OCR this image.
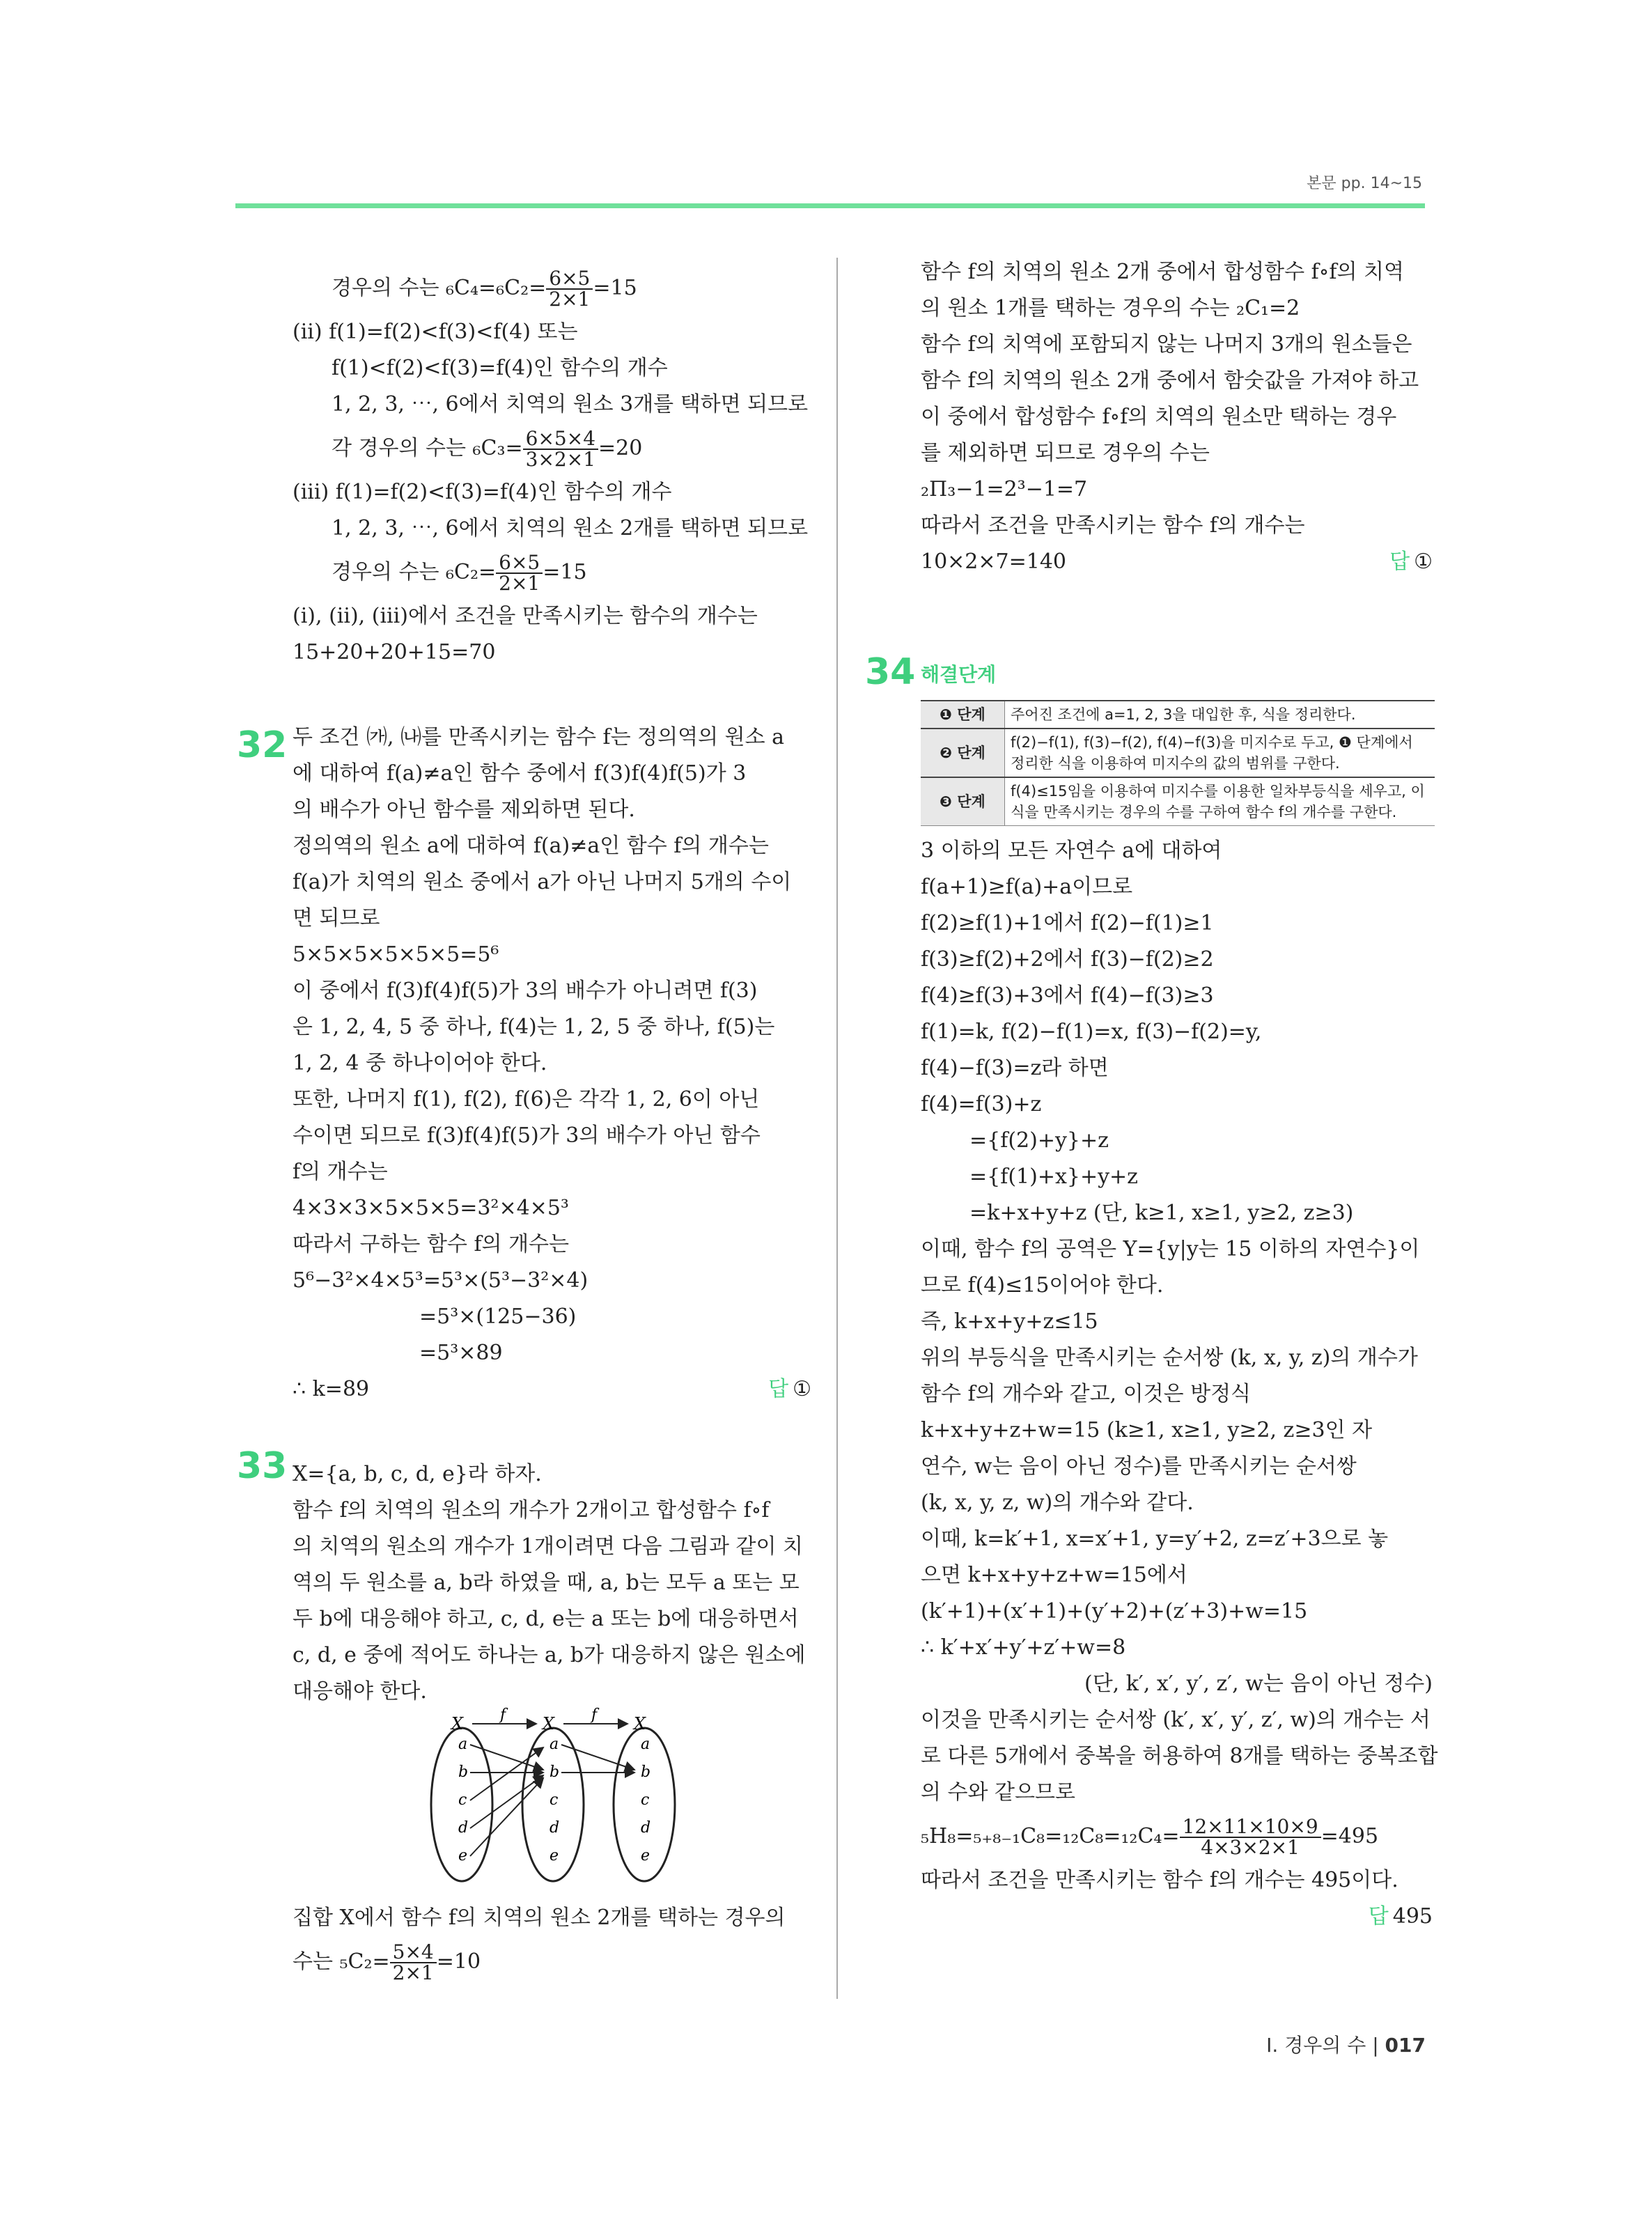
본문 pp. 14~15
경우의 수는 $_6C_4=_6C_2= \frac{6\times 5}{2\times 1} =15$
(ii) f(1)=f(2)<f(3)<f(4) 또는
f(1)<f(2)<f(3)=f(4)인 함수의 개수
1, 2, 3, ⋯, 6에서 치역의 원소 3개를 택하면 되므로
각 경우의 수는 $_6C_3= \frac{6\times 5\times 4}{3\times 2\times 1} =20$
(iii) f(1)=f(2)<f(3)=f(4)인 함수의 개수
1, 2, 3, ⋯, 6에서 치역의 원소 2개를 택하면 되므로
경우의 수는 $_6C_2= \frac{6\times 5}{2\times 1} =15$
(i), (ii), (iii)에서 조건을 만족시키는 함수의 개수는
15+20+20+15=70
두 조건 ㈎, ㈏를 만족시키는 함수 f는 정의역의 원소 a
에 대하여 f(a)≠a인 함수 중에서 f(3)f(4)f(5)가 3
의 배수가 아닌 함수를 제외하면 된다.
정의역의 원소 a에 대하여 f(a)≠a인 함수 f의 개수는
f(a)가 치역의 원소 중에서 a가 아닌 나머지 5개의 수이
면 되므로
5×5×5×5×5×5=5⁶
이 중에서 f(3)f(4)f(5)가 3의 배수가 아니려면 f(3)
은 1, 2, 4, 5 중 하나, f(4)는 1, 2, 5 중 하나, f(5)는
1, 2, 4 중 하나이어야 한다.
또한, 나머지 f(1), f(2), f(6)은 각각 1, 2, 6이 아닌
수이면 되므로 f(3)f(4)f(5)가 3의 배수가 아닌 함수
f의 개수는
4×3×3×5×5×5=3²×4×5³
따라서 구하는 함수 f의 개수는
5⁶−3²×4×5³=5³×(5³−3²×4)
=5³×(125−36)
=5³×89
∴ k=89	답 ①
X={a, b, c, d, e}라 하자.
함수 f의 치역의 원소의 개수가 2개이고 합성함수 f∘f
의 치역의 원소의 개수가 1개이려면 다음 그림과 같이 치
역의 두 원소를 a, b라 하였을 때, a, b는 모두 a 또는 모
두 b에 대응해야 하고, c, d, e는 a 또는 b에 대응하면서
c, d, e 중에 적어도 하나는 a, b가 대응하지 않은 원소에
대응해야 한다.
X	X	X
f	f
a
b
c
d
e
a
b
c
d
e
a
b
c
d
e
집합 X에서 함수 f의 치역의 원소 2개를 택하는 경우의
수는 $_5C_2= \frac{5\times 4}{2\times 1} =10$
32
33
함수 f의 치역의 원소 2개 중에서 합성함수 f∘f의 치역
의 원소 1개를 택하는 경우의 수는 ₂C₁=2
함수 f의 치역에 포함되지 않는 나머지 3개의 원소들은
함수 f의 치역의 원소 2개 중에서 함숫값을 가져야 하고
이 중에서 합성함수 f∘f의 치역의 원소만 택하는 경우
를 제외하면 되므로 경우의 수는
₂Π₃−1=2³−1=7
따라서 조건을 만족시키는 함수 f의 개수는
10×2×7=140	답 ①
해결단계
❶ 단계	주어진 조건에 a=1, 2, 3을 대입한 후, 식을 정리한다.
❷ 단계	f(2)−f(1), f(3)−f(2), f(4)−f(3)을 미지수로 두고, ❶ 단계에서 정리한 식을 이용하여 미지수의 값의 범위를 구한다.
❸ 단계	f(4)≤15임을 이용하여 미지수를 이용한 일차부등식을 세우고, 이 식을 만족시키는 경우의 수를 구하여 함수 f의 개수를 구한다.
3 이하의 모든 자연수 a에 대하여
f(a+1)≥f(a)+a이므로
f(2)≥f(1)+1에서 f(2)−f(1)≥1
f(3)≥f(2)+2에서 f(3)−f(2)≥2
f(4)≥f(3)+3에서 f(4)−f(3)≥3
f(1)=k, f(2)−f(1)=x, f(3)−f(2)=y,
f(4)−f(3)=z라 하면
f(4)=f(3)+z
={f(2)+y}+z
={f(1)+x}+y+z
=k+x+y+z (단, k≥1, x≥1, y≥2, z≥3)
이때, 함수 f의 공역은 Y={y|y는 15 이하의 자연수}이
므로 f(4)≤15이어야 한다.
즉, k+x+y+z≤15
위의 부등식을 만족시키는 순서쌍 (k, x, y, z)의 개수가
함수 f의 개수와 같고, 이것은 방정식
k+x+y+z+w=15 (k≥1, x≥1, y≥2, z≥3인 자
연수, w는 음이 아닌 정수)를 만족시키는 순서쌍
(k, x, y, z, w)의 개수와 같다.
이때, k=k′+1, x=x′+1, y=y′+2, z=z′+3으로 놓
으면 k+x+y+z+w=15에서
(k′+1)+(x′+1)+(y′+2)+(z′+3)+w=15
∴ k′+x′+y′+z′+w=8
(단, k′, x′, y′, z′, w는 음이 아닌 정수)
이것을 만족시키는 순서쌍 (k′, x′, y′, z′, w)의 개수는 서
로 다른 5개에서 중복을 허용하여 8개를 택하는 중복조합
의 수와 같으므로
$_5H_8=_{5+8-1}C_8=_{12}C_8=_{12}C_4= \frac{12\times 11\times 10\times 9}{4\times 3\times 2\times 1} =495$
따라서 조건을 만족시키는 함수 f의 개수는 495이다.
답 495
34
Ⅰ. 경우의 수 | 017
